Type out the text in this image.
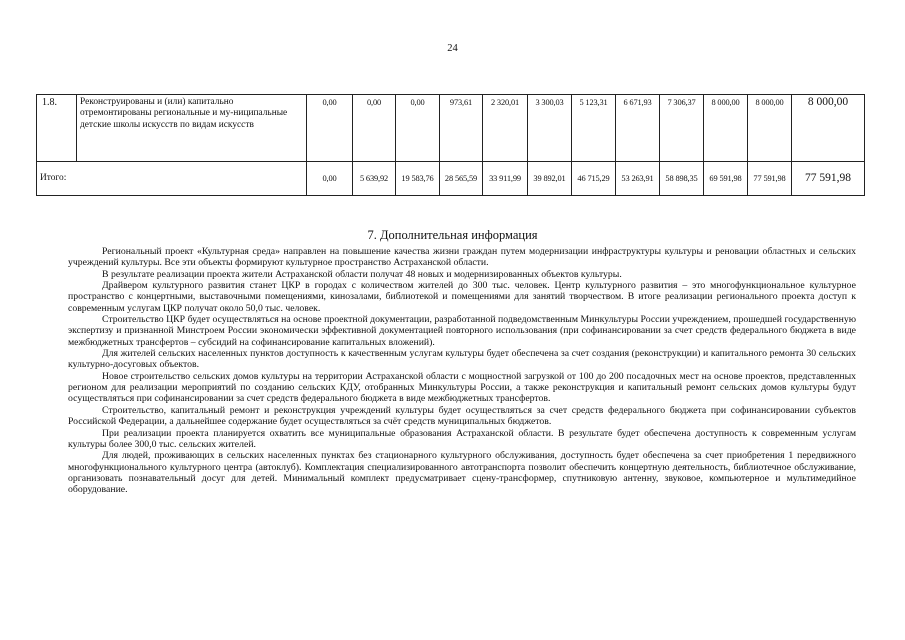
24
1.8.	Реконструированы и (или) капитально отремонтированы региональные и му-ниципальные детские школы искусств по видам искусств	0,00	0,00	0,00	973,61	2 320,01	3 300,03	5 123,31	6 671,93	7 306,37	8 000,00	8 000,00	8 000,00
Итого:		0,00	5 639,92	19 583,76	28 565,59	33 911,99	39 892,01	46 715,29	53 263,91	58 898,35	69 591,98	77 591,98	77 591,98
7. Дополнительная информация

Региональный проект «Культурная среда» направлен на повышение качества жизни граждан путем модернизации инфраструктуры культуры и реновации областных и сельских учреждений культуры. Все эти объекты формируют культурное пространство Астраханской области.

В результате реализации проекта жители Астраханской области получат 48 новых и модернизированных объектов культуры.

Драйвером культурного развития станет ЦКР в городах с количеством жителей до 300 тыс. человек. Центр культурного развития – это многофункциональное культурное пространство с концертными, выставочными помещениями, кинозалами, библиотекой и помещениями для занятий творчеством. В итоге реализации регионального проекта доступ к современным услугам ЦКР получат около 50,0 тыс. человек.

Строительство ЦКР будет осуществляться на основе проектной документации, разработанной подведомственным Минкультуры России учреждением, прошедшей государственную экспертизу и признанной Минстроем России экономически эффективной документацией повторного использования (при софинансировании за счет средств федерального бюджета в виде межбюджетных трансфертов – субсидий на софинансирование капитальных вложений).

Для жителей сельских населенных пунктов доступность к качественным услугам культуры будет обеспечена за счет создания (реконструкции) и капитального ремонта 30 сельских культурно-досуговых объектов.

Новое строительство сельских домов культуры на территории Астраханской области с мощностной загрузкой от 100 до 200 посадочных мест на основе проектов, представленных регионом для реализации мероприятий по созданию сельских КДУ, отобранных Минкультуры России, а также реконструкция и капитальный ремонт сельских домов культуры будут осуществляться при софинансировании за счет средств федерального бюджета в виде межбюджетных трансфертов.

Строительство, капитальный ремонт и реконструкция учреждений культуры будет осуществляться за счет средств федерального бюджета при софинансировании субъектов Российской Федерации, а дальнейшее содержание будет осуществляться за счёт средств муниципальных бюджетов.

При реализации проекта планируется охватить все муниципальные образования Астраханской области. В результате будет обеспечена доступность к современным услугам культуры более 300,0 тыс. сельских жителей.

Для людей, проживающих в сельских населенных пунктах без стационарного культурного обслуживания, доступность будет обеспечена за счет приобретения 1 передвижного многофункционального культурного центра (автоклуб). Комплектация специализированного автотранспорта позволит обеспечить концертную деятельность, библиотечное обслуживание, организовать познавательный досуг для детей. Минимальный комплект предусматривает сцену-трансформер, спутниковую антенну, звуковое, компьютерное и мультимедийное оборудование.
